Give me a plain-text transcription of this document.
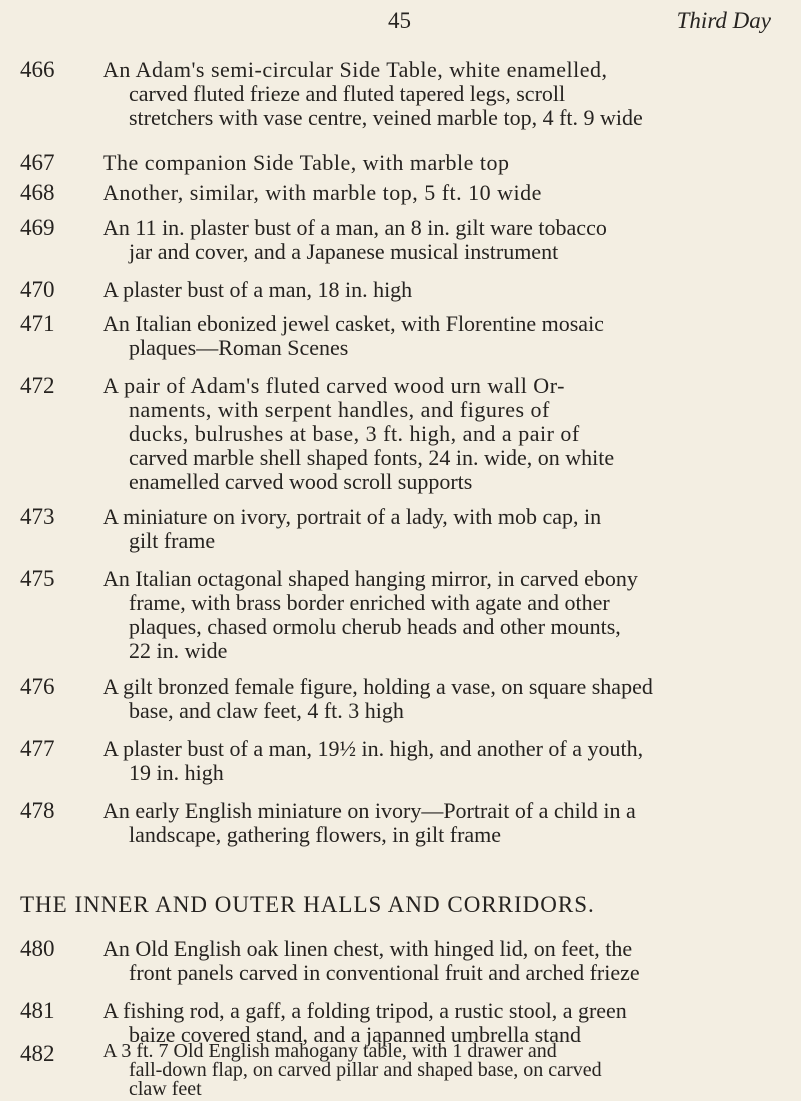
45	Third Day
466 An Adam's semi-circular Side Table, white enamelled,
carved fluted frieze and fluted tapered legs, scroll
stretchers with vase centre, veined marble top, 4 ft. 9 wide
467 The companion Side Table, with marble top
468 Another, similar, with marble top, 5 ft. 10 wide
469 An 11 in. plaster bust of a man, an 8 in. gilt ware tobacco
jar and cover, and a Japanese musical instrument
470 A plaster bust of a man, 18 in. high
471 An Italian ebonized jewel casket, with Florentine mosaic
plaques—Roman Scenes
472 A pair of Adam's fluted carved wood urn wall Or-
naments, with serpent handles, and figures of
ducks, bulrushes at base, 3 ft. high, and a pair of
carved marble shell shaped fonts, 24 in. wide, on white
enamelled carved wood scroll supports
473 A miniature on ivory, portrait of a lady, with mob cap, in
gilt frame
475 An Italian octagonal shaped hanging mirror, in carved ebony
frame, with brass border enriched with agate and other
plaques, chased ormolu cherub heads and other mounts,
22 in. wide
476 A gilt bronzed female figure, holding a vase, on square shaped
base, and claw feet, 4 ft. 3 high
477 A plaster bust of a man, 19½ in. high, and another of a youth,
19 in. high
478 An early English miniature on ivory—Portrait of a child in a
landscape, gathering flowers, in gilt frame
THE INNER AND OUTER HALLS AND CORRIDORS.
480 An Old English oak linen chest, with hinged lid, on feet, the
front panels carved in conventional fruit and arched frieze
481 A fishing rod, a gaff, a folding tripod, a rustic stool, a green
baize covered stand, and a japanned umbrella stand
482 A 3 ft. 7 Old English mahogany table, with 1 drawer and
fall-down flap, on carved pillar and shaped base, on carved
claw feet
